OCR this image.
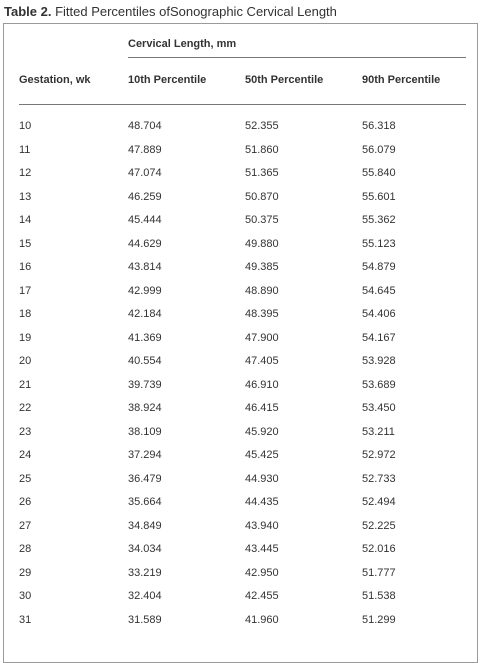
Table 2. Fitted Percentiles ofSonographic Cervical Length
Cervical Length, mm
Gestation, wk	10th Percentile	50th Percentile	90th Percentile
10	48.704	52.355	56.318
11	47.889	51.860	56.079
12	47.074	51.365	55.840
13	46.259	50.870	55.601
14	45.444	50.375	55.362
15	44.629	49.880	55.123
16	43.814	49.385	54.879
17	42.999	48.890	54.645
18	42.184	48.395	54.406
19	41.369	47.900	54.167
20	40.554	47.405	53.928
21	39.739	46.910	53.689
22	38.924	46.415	53.450
23	38.109	45.920	53.211
24	37.294	45.425	52.972
25	36.479	44.930	52.733
26	35.664	44.435	52.494
27	34.849	43.940	52.225
28	34.034	43.445	52.016
29	33.219	42.950	51.777
30	32.404	42.455	51.538
31	31.589	41.960	51.299
